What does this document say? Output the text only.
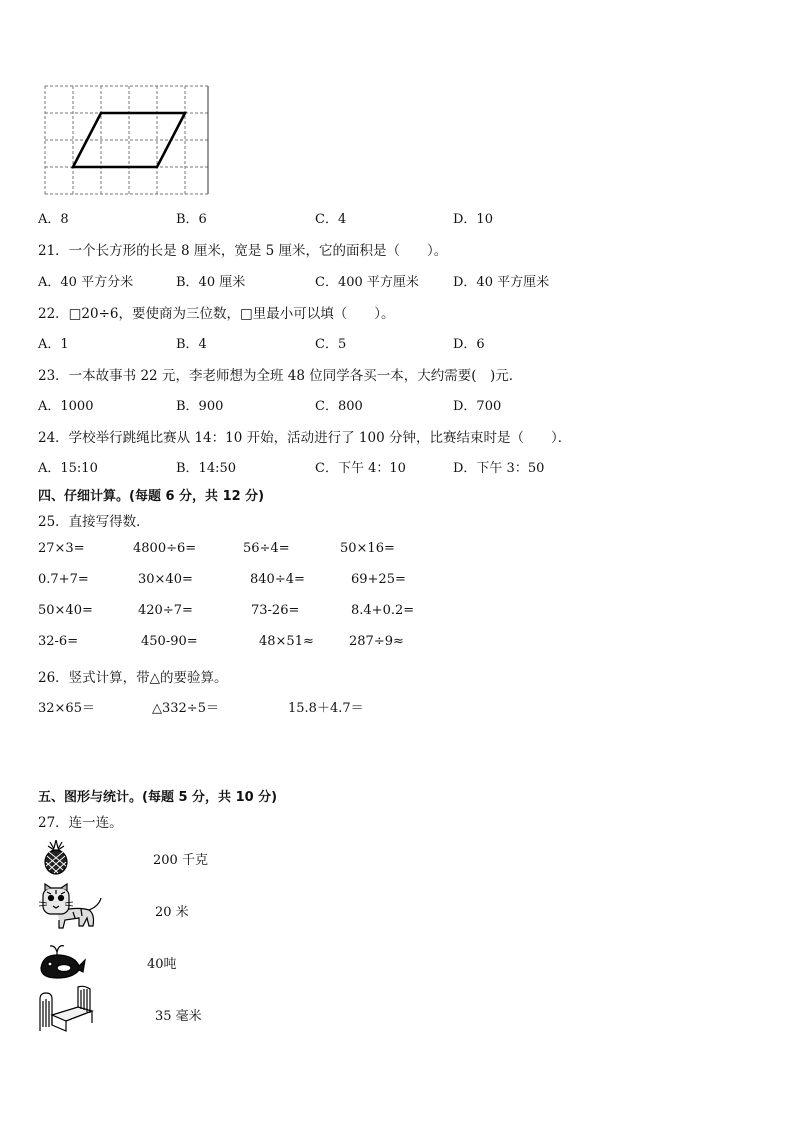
A．8	B．6	C．4	D．10
21．一个长方形的长是 8 厘米，宽是 5 厘米，它的面积是（　　）。
A．40 平方分米	B．40 厘米	C．400 平方厘米	D．40 平方厘米
22．□20÷6，要使商为三位数，□里最小可以填（　　）。
A．1	B．4	C．5	D．6
23．一本故事书 22 元，李老师想为全班 48 位同学各买一本，大约需要(　)元．
A．1000	B．900	C．800	D．700
24．学校举行跳绳比赛从 14：10 开始，活动进行了 100 分钟，比赛结束时是（　　）．
A．15:10	B．14:50	C．下午 4：10	D．下午 3：50
四、仔细计算。(每题 6 分，共 12 分)
25．直接写得数．
27×3=	4800÷6=	56÷4=	50×16=
0.7+7=	30×40=	840÷4=	69+25=
50×40=	420÷7=	73-26=	8.4+0.2=
32-6=	450-90=	48×51≈	287÷9≈
26．竖式计算，带△的要验算。
32×65＝	△332÷5＝	15.8＋4.7＝
五、图形与统计。(每题 5 分，共 10 分)
27．连一连。
200 千克
20 米
40吨
35 毫米
